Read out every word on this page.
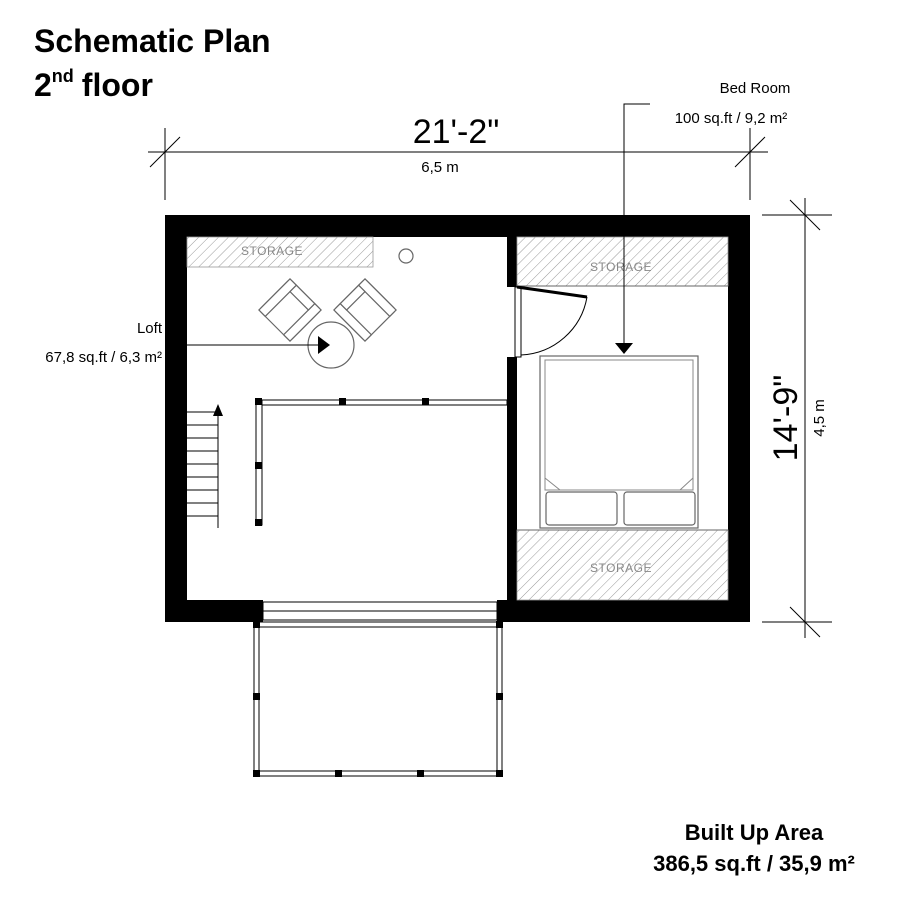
Schematic Plan
2nd floor
21'-2"
6,5 m
14'-9" 4,5 m
STORAGE
STORAGE
STORAGE
Loft
67,8 sq.ft / 6,3 m²
Bed Room
100 sq.ft / 9,2 m²
Built Up Area
386,5 sq.ft / 35,9 m²
